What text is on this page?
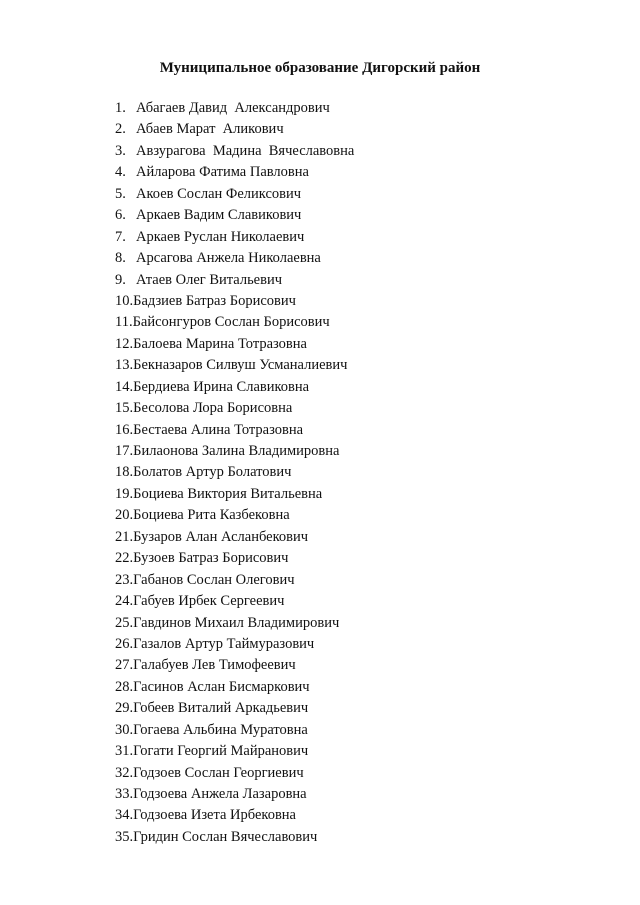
Муниципальное образование Дигорский район
1. Абагаев Давид  Александрович
2. Абаев Марат  Аликович
3. Авзурагова  Мадина  Вячеславовна
4. Айларова Фатима Павловна
5. Акоев Сослан Феликсович
6. Аркаев Вадим Славикович
7. Аркаев Руслан Николаевич
8. Арсагова Анжела Николаевна
9. Атаев Олег Витальевич
10.Бадзиев Батраз Борисович
11.Байсонгуров Сослан Борисович
12.Балоева Марина Тотразовна
13.Бекназаров Силвуш Усманалиевич
14.Бердиева Ирина Славиковна
15.Бесолова Лора Борисовна
16.Бестаева Алина Тотразовна
17.Билаонова Залина Владимировна
18.Болатов Артур Болатович
19.Боциева Виктория Витальевна
20.Боциева Рита Казбековна
21.Бузаров Алан Асланбекович
22.Бузоев Батраз Борисович
23.Габанов Сослан Олегович
24.Габуев Ирбек Сергеевич
25.Гавдинов Михаил Владимирович
26.Газалов Артур Таймуразович
27.Галабуев Лев Тимофеевич
28.Гасинов Аслан Бисмаркович
29.Гобеев Виталий Аркадьевич
30.Гогаева Альбина Муратовна
31.Гогати Георгий Майранович
32.Годзоев Сослан Георгиевич
33.Годзоева Анжела Лазаровна
34.Годзоева Изета Ирбековна
35.Гридин Сослан Вячеславович
